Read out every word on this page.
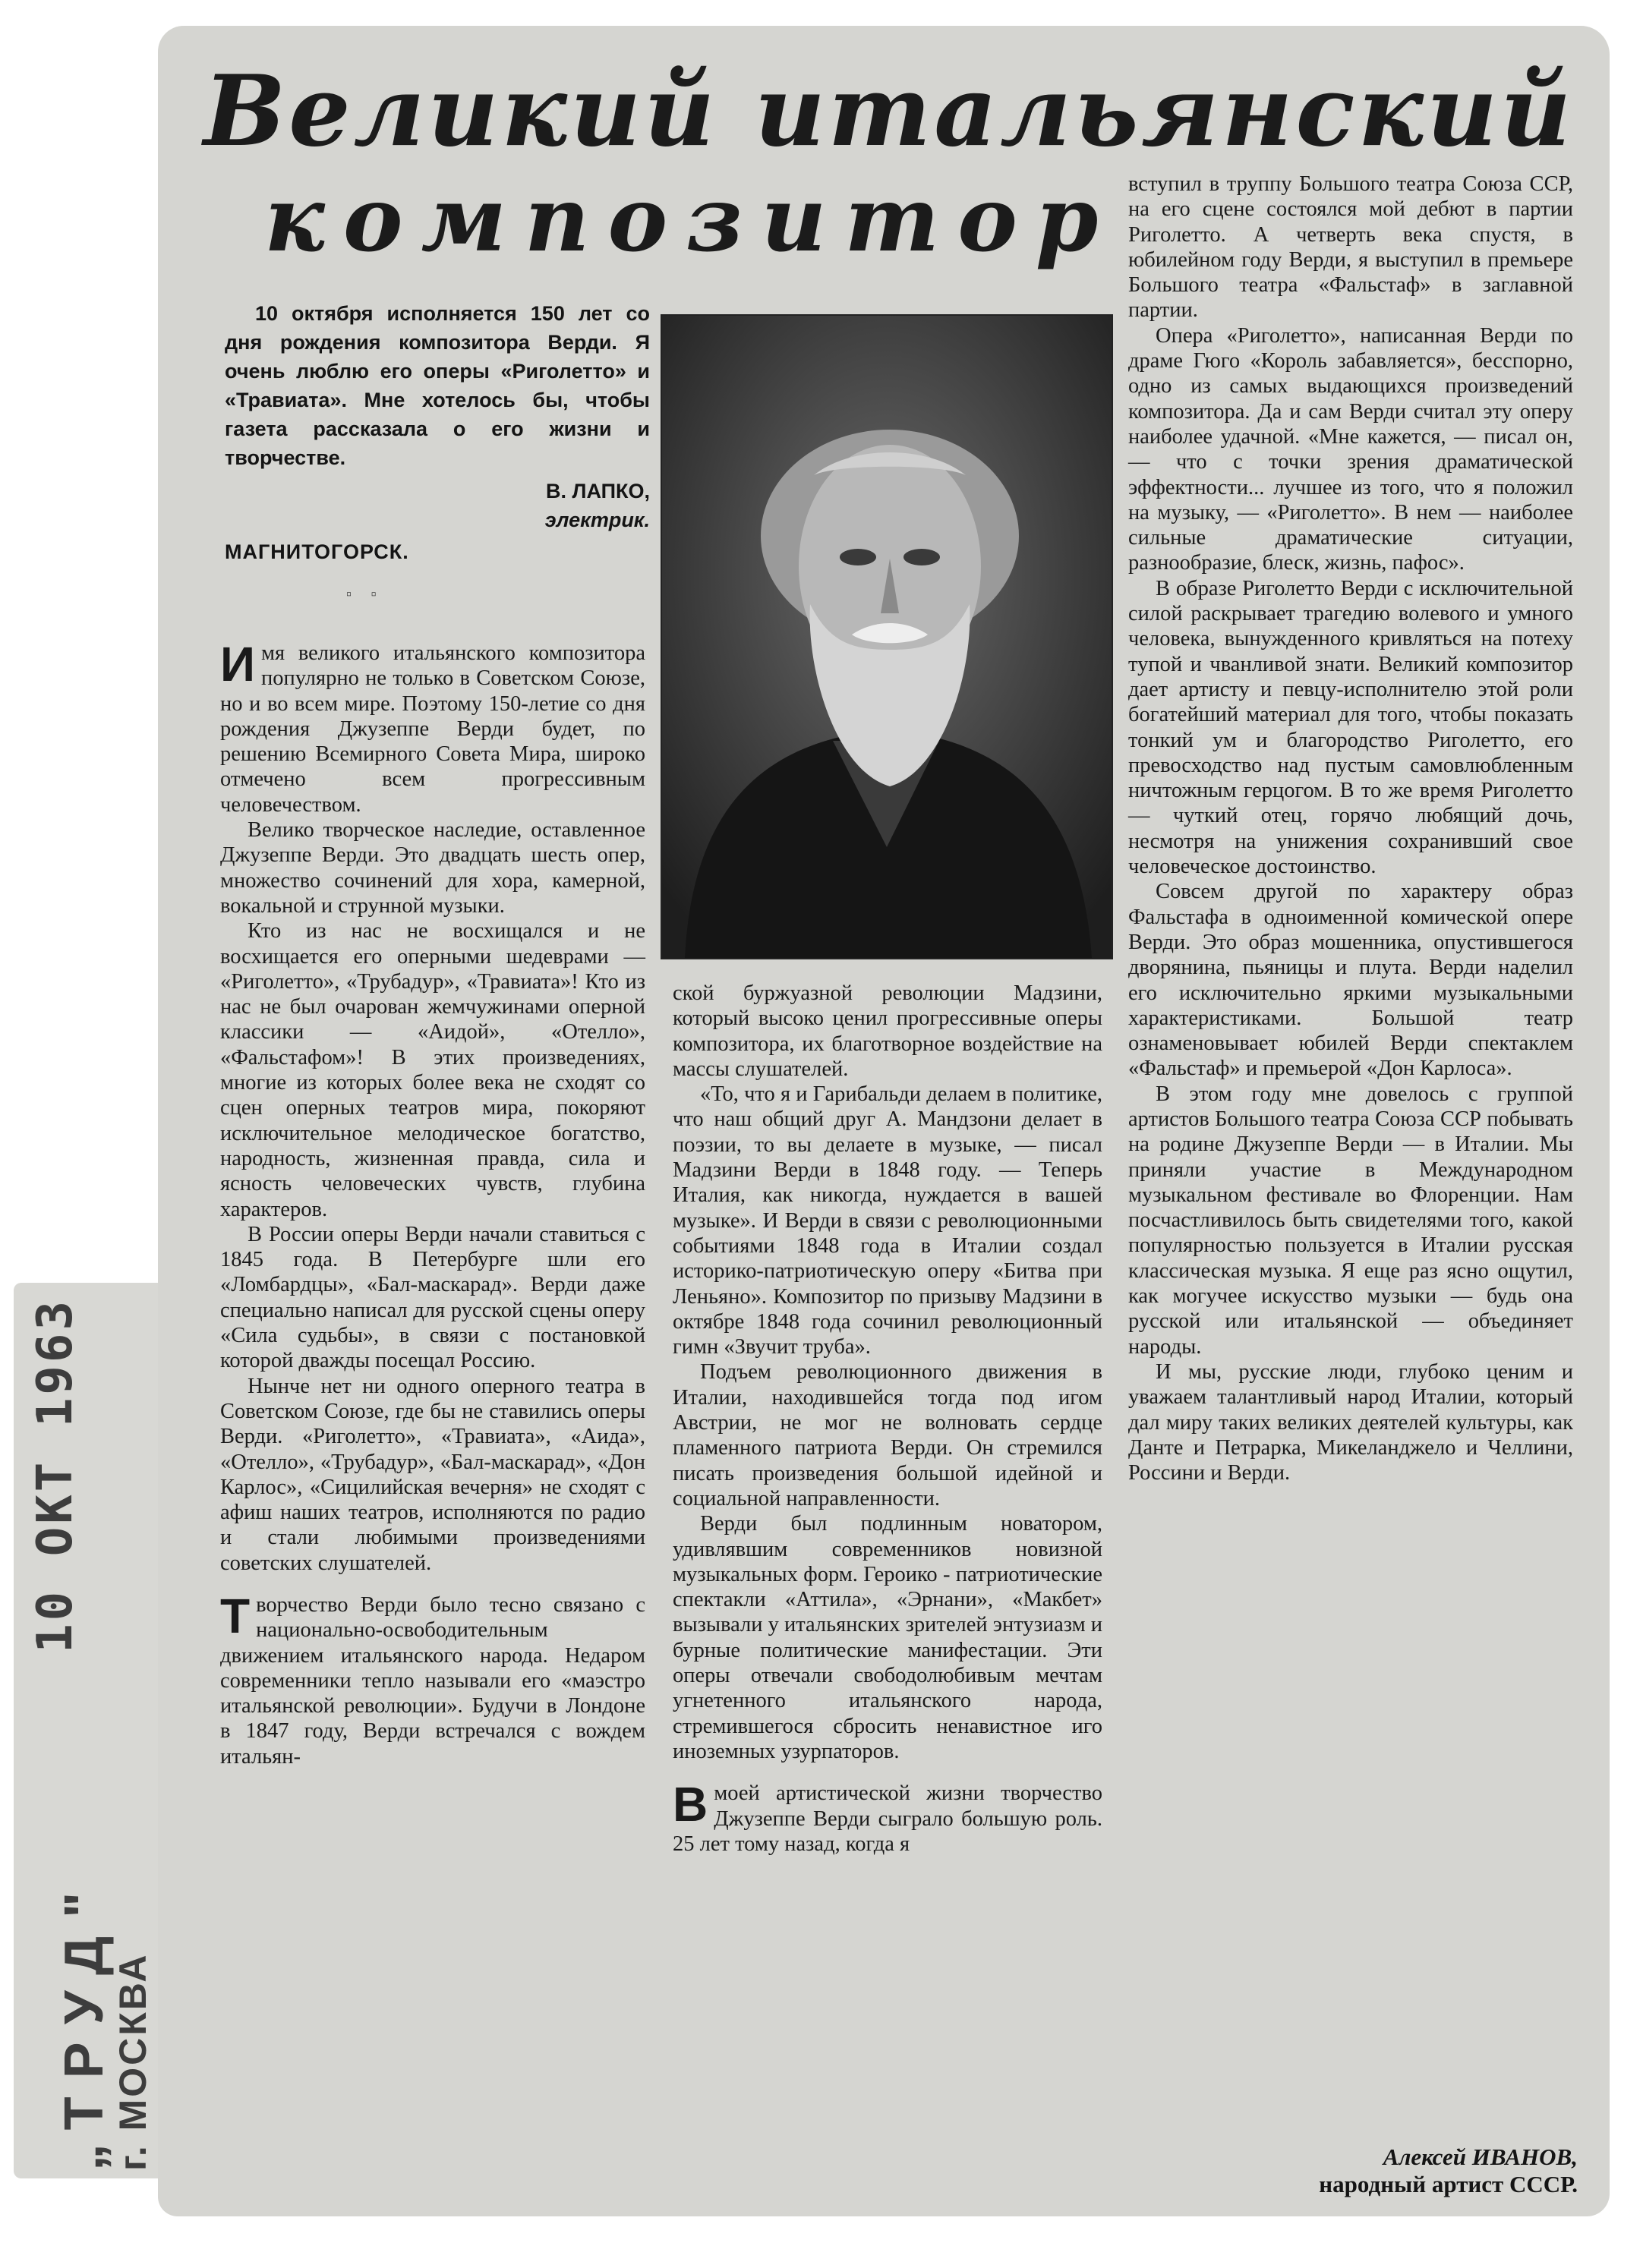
10 ОКТ 1963
„ТРУД"
г. МОСКВА
Великий итальянский
композитор

10 октября исполняется 150 лет со дня рождения композитора Верди. Я очень люблю его оперы «Риголетто» и «Травиата». Мне хотелось бы, чтобы газета рассказала о его жизни и творчестве.

В. ЛАПКО,
электрик.
МАГНИТОГОРСК.
▫ ▫

Имя великого итальянского композитора популярно не только в Советском Союзе, но и во всем мире. Поэтому 150-летие со дня рождения Джузеппе Верди будет, по решению Всемирного Совета Мира, широко отмечено всем прогрессивным человечеством.

Велико творческое наследие, оставленное Джузеппе Верди. Это двадцать шесть опер, множество сочинений для хора, камерной, вокальной и струнной музыки.

Кто из нас не восхищался и не восхищается его оперными шедеврами — «Риголетто», «Трубадур», «Травиата»! Кто из нас не был очарован жемчужинами оперной классики — «Аидой», «Отелло», «Фальстафом»! В этих произведениях, многие из которых более века не сходят со сцен оперных театров мира, покоряют исключительное мелодическое богатство, народность, жизненная правда, сила и ясность человеческих чувств, глубина характеров.

В России оперы Верди начали ставиться с 1845 года. В Петербурге шли его «Ломбардцы», «Бал-маскарад». Верди даже специально написал для русской сцены оперу «Сила судьбы», в связи с постановкой которой дважды посещал Россию.

Нынче нет ни одного оперного театра в Советском Союзе, где бы не ставились оперы Верди. «Риголетто», «Травиата», «Аида», «Отелло», «Трубадур», «Бал-маскарад», «Дон Карлос», «Сицилийская вечерня» не сходят с афиш наших театров, исполняются по радио и стали любимыми произведениями советских слушателей.

Творчество Верди было тесно связано с национально-освободительным движением итальянского народа. Недаром современники тепло называли его «маэстро итальянской революции». Будучи в Лондоне в 1847 году, Верди встречался с вождем итальян-

ской буржуазной революции Мадзини, который высоко ценил прогрессивные оперы композитора, их благотворное воздействие на массы слушателей.

«То, что я и Гарибальди делаем в политике, что наш общий друг А. Мандзони делает в поэзии, то вы делаете в музыке, — писал Мадзини Верди в 1848 году. — Теперь Италия, как никогда, нуждается в вашей музыке». И Верди в связи с революционными событиями 1848 года в Италии создал историко-патриотическую оперу «Битва при Леньяно». Композитор по призыву Мадзини в октябре 1848 года сочинил революционный гимн «Звучит труба».

Подъем революционного движения в Италии, находившейся тогда под игом Австрии, не мог не волновать сердце пламенного патриота Верди. Он стремился писать произведения большой идейной и социальной направленности.

Верди был подлинным новатором, удивлявшим современников новизной музыкальных форм. Героико - патриотические спектакли «Аттила», «Эрнани», «Макбет» вызывали у итальянских зрителей энтузиазм и бурные политические манифестации. Эти оперы отвечали свободолюбивым мечтам угнетенного итальянского народа, стремившегося сбросить ненавистное иго иноземных узурпаторов.

Вмоей артистической жизни творчество Джузеппе Верди сыграло большую роль. 25 лет тому назад, когда я

вступил в труппу Большого театра Союза ССР, на его сцене состоялся мой дебют в партии Риголетто. А четверть века спустя, в юбилейном году Верди, я выступил в премьере Большого театра «Фальстаф» в заглавной партии.

Опера «Риголетто», написанная Верди по драме Гюго «Король забавляется», бесспорно, одно из самых выдающихся произведений композитора. Да и сам Верди считал эту оперу наиболее удачной. «Мне кажется, — писал он, — что с точки зрения драматической эффектности... лучшее из того, что я положил на музыку, — «Риголетто». В нем — наиболее сильные драматические ситуации, разнообразие, блеск, жизнь, пафос».

В образе Риголетто Верди с исключительной силой раскрывает трагедию волевого и умного человека, вынужденного кривляться на потеху тупой и чванливой знати. Великий композитор дает артисту и певцу-исполнителю этой роли богатейший материал для того, чтобы показать тонкий ум и благородство Риголетто, его превосходство над пустым самовлюбленным ничтожным герцогом. В то же время Риголетто — чуткий отец, горячо любящий дочь, несмотря на унижения сохранивший свое человеческое достоинство.

Совсем другой по характеру образ Фальстафа в одноименной комической опере Верди. Это образ мошенника, опустившегося дворянина, пьяницы и плута. Верди наделил его исключительно яркими музыкальными характеристиками. Большой театр ознаменовывает юбилей Верди спектаклем «Фальстаф» и премьерой «Дон Карлоса».

В этом году мне довелось с группой артистов Большого театра Союза ССР побывать на родине Джузеппе Верди — в Италии. Мы приняли участие в Международном музыкальном фестивале во Флоренции. Нам посчастливилось быть свидетелями того, какой популярностью пользуется в Италии русская классическая музыка. Я еще раз ясно ощутил, как могучее искусство музыки — будь она русской или итальянской — объединяет народы.

И мы, русские люди, глубоко ценим и уважаем талантливый народ Италии, который дал миру таких великих деятелей культуры, как Данте и Петрарка, Микеланджело и Челлини, Россини и Верди.

Алексей ИВАНОВ,
народный артист СССР.
